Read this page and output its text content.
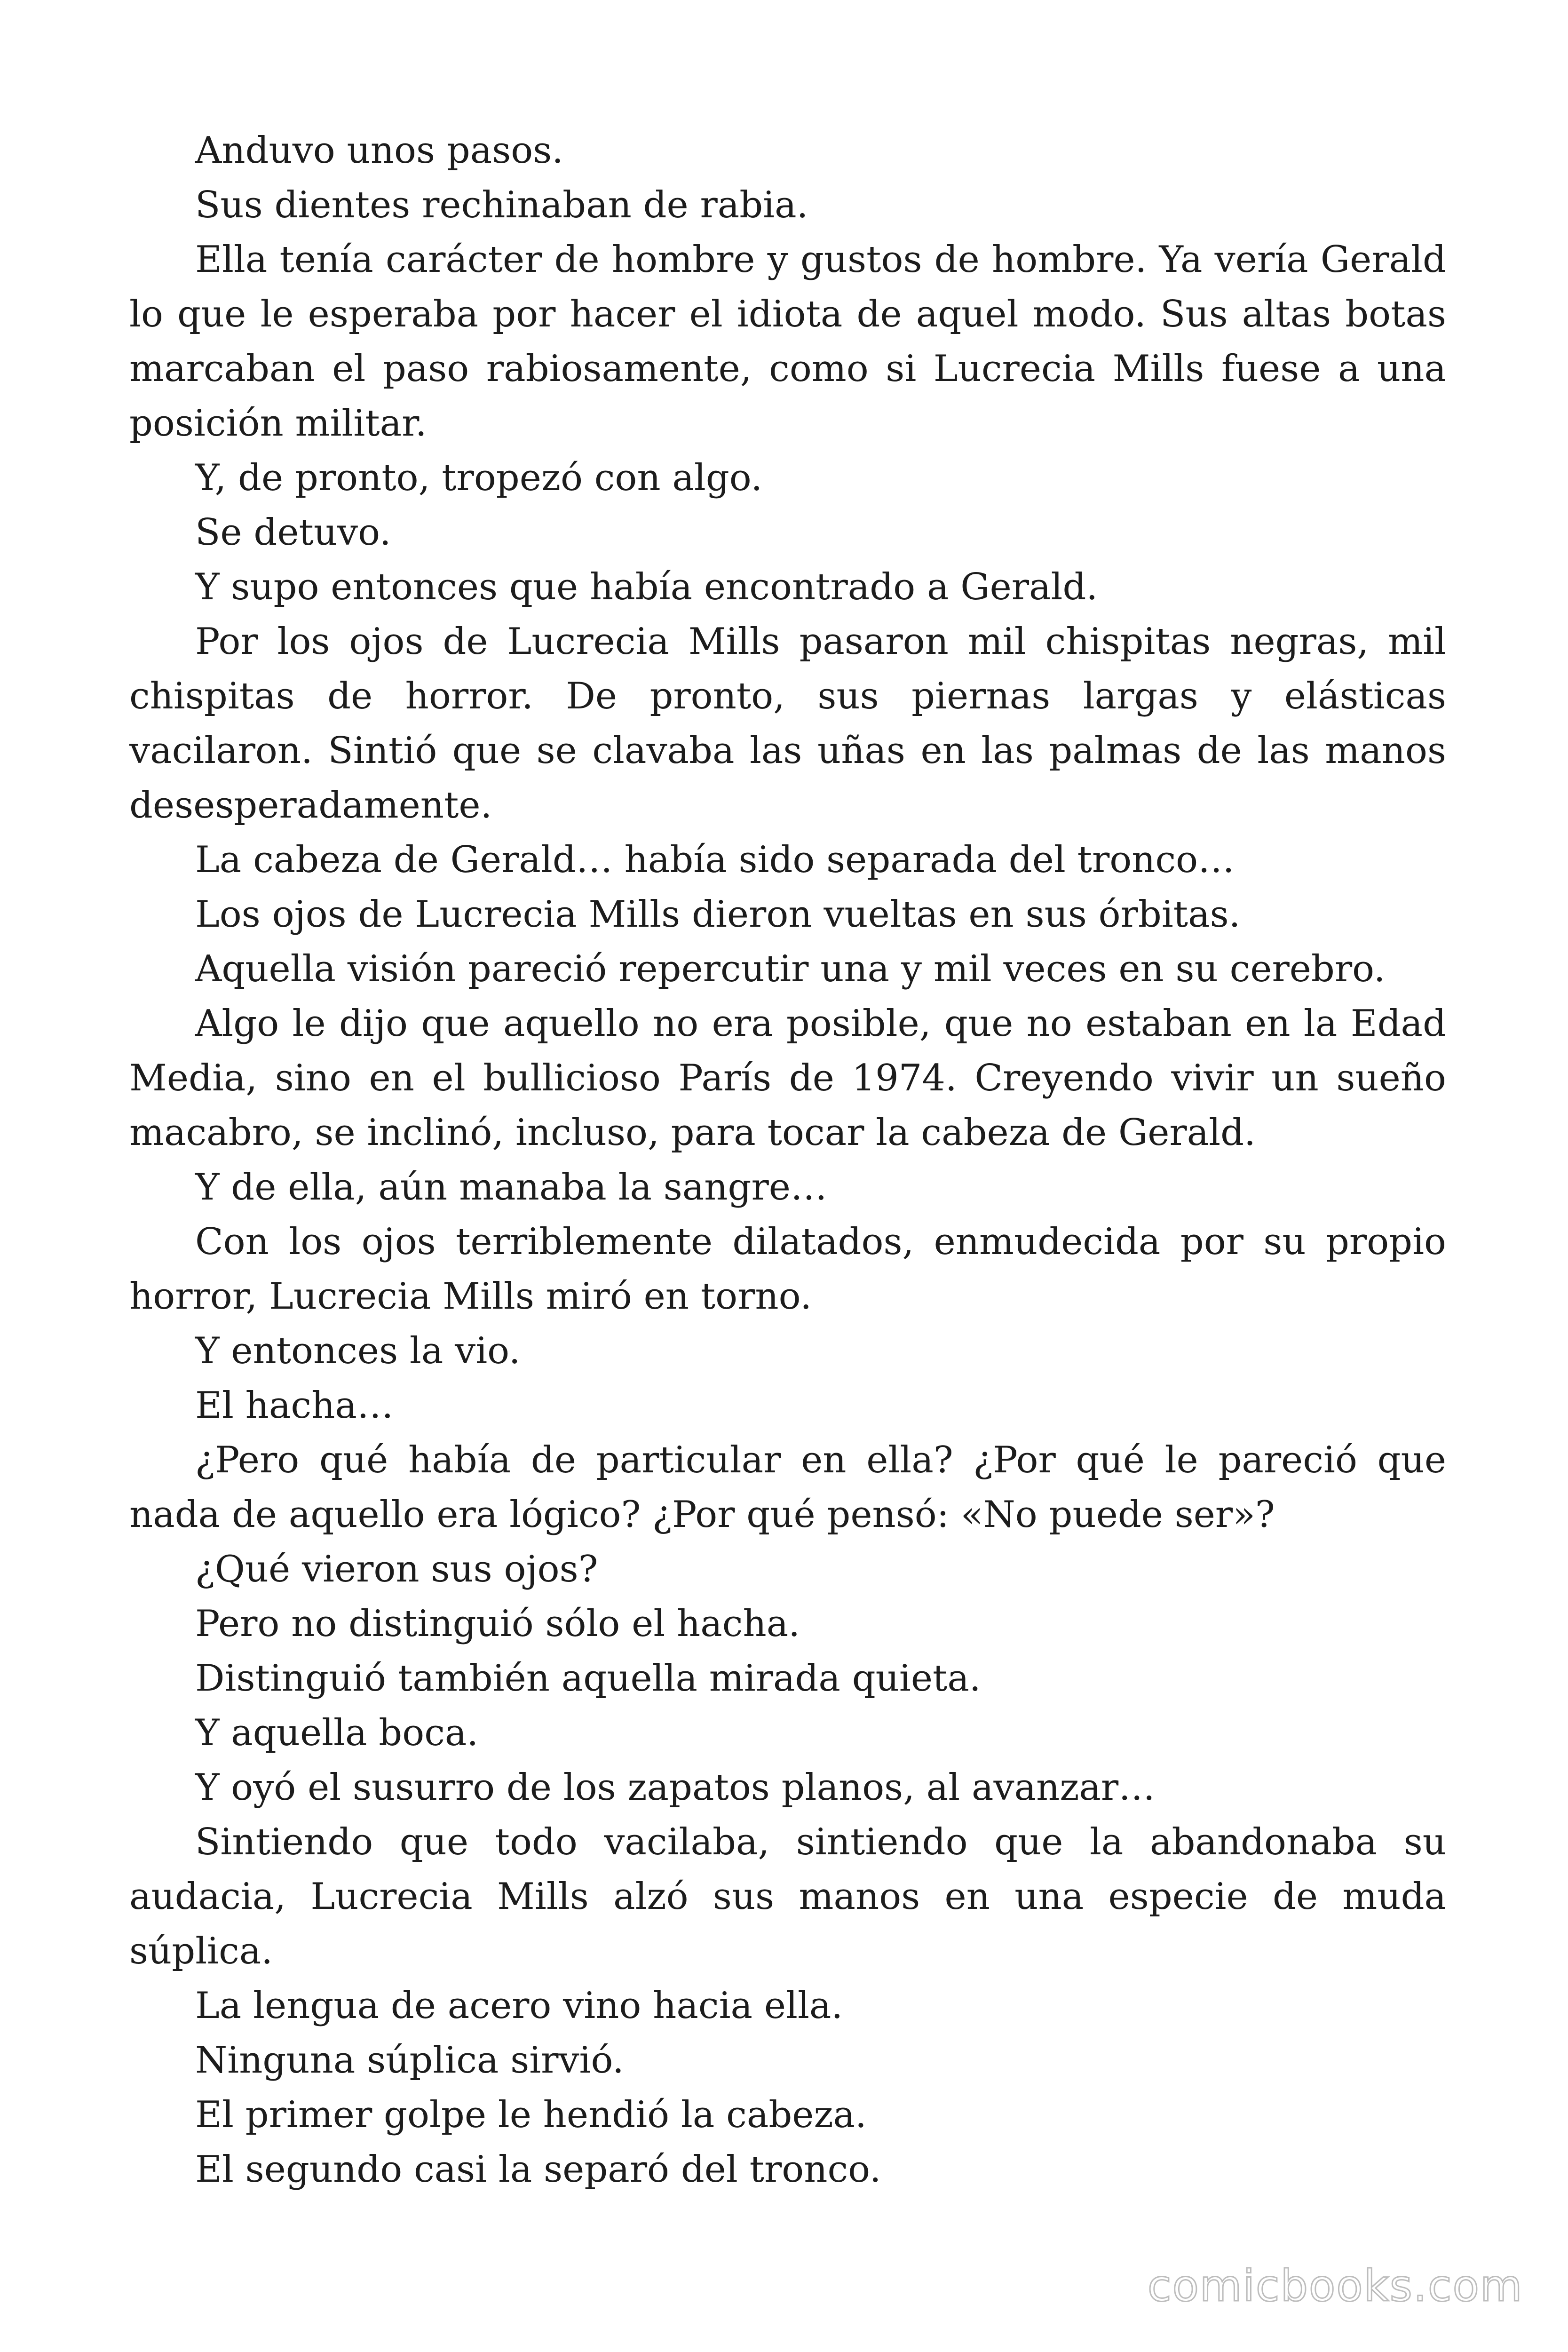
Anduvo unos pasos.

Sus dientes rechinaban de rabia.

Ella tenía carácter de hombre y gustos de hombre. Ya vería Gerald lo que le esperaba por hacer el idiota de aquel modo. Sus altas botas marcaban el paso rabiosamente, como si Lucrecia Mills fuese a una posición militar.

Y, de pronto, tropezó con algo.

Se detuvo.

Y supo entonces que había encontrado a Gerald.

Por los ojos de Lucrecia Mills pasaron mil chispitas negras, mil chispitas de horror. De pronto, sus piernas largas y elásticas vacilaron. Sintió que se clavaba las uñas en las palmas de las manos desesperadamente.

La cabeza de Gerald… había sido separada del tronco…

Los ojos de Lucrecia Mills dieron vueltas en sus órbitas.

Aquella visión pareció repercutir una y mil veces en su cerebro.

Algo le dijo que aquello no era posible, que no estaban en la Edad Media, sino en el bullicioso París de 1974. Creyendo vivir un sueño macabro, se inclinó, incluso, para tocar la cabeza de Gerald.

Y de ella, aún manaba la sangre…

Con los ojos terriblemente dilatados, enmudecida por su propio horror, Lucrecia Mills miró en torno.

Y entonces la vio.

El hacha…

¿Pero qué había de particular en ella? ¿Por qué le pareció que nada de aquello era lógico? ¿Por qué pensó: «No puede ser»?

¿Qué vieron sus ojos?

Pero no distinguió sólo el hacha.

Distinguió también aquella mirada quieta.

Y aquella boca.

Y oyó el susurro de los zapatos planos, al avanzar…

Sintiendo que todo vacilaba, sintiendo que la abandonaba su audacia, Lucrecia Mills alzó sus manos en una especie de muda súplica.

La lengua de acero vino hacia ella.

Ninguna súplica sirvió.

El primer golpe le hendió la cabeza.

El segundo casi la separó del tronco.

comicbooks.com
